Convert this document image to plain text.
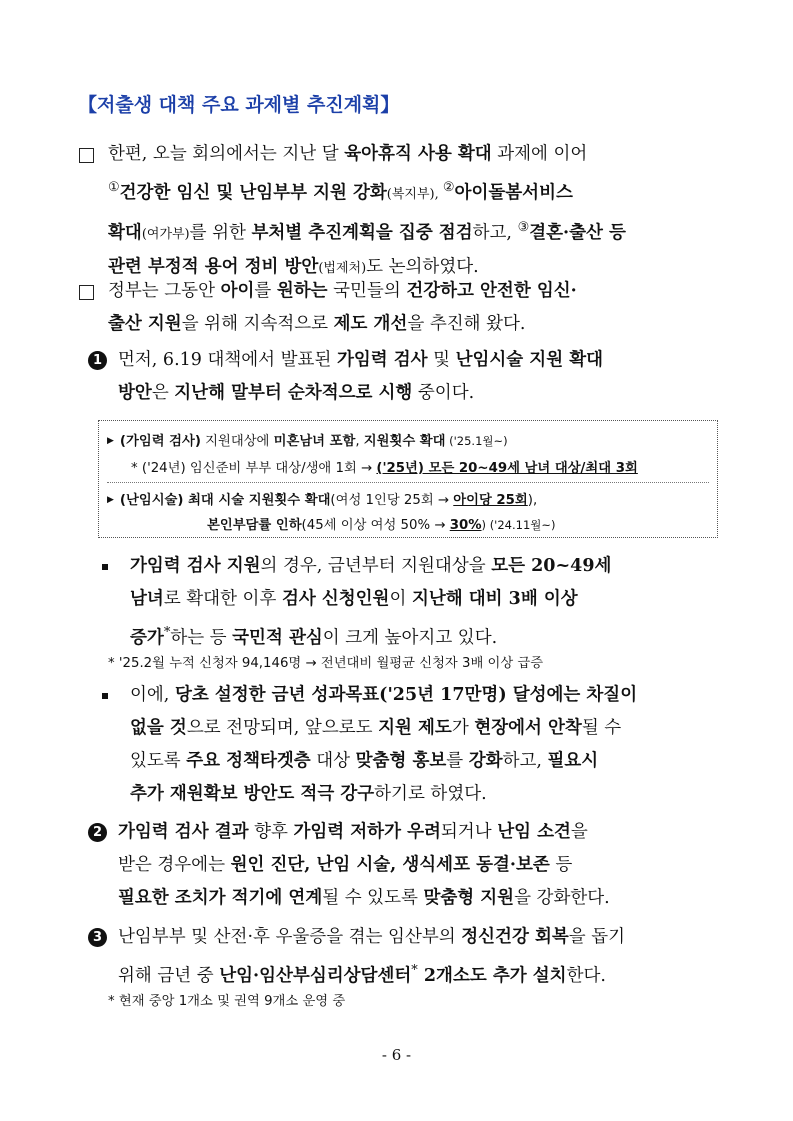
【저출생 대책 주요 과제별 추진계획】
한편, 오늘 회의에서는 지난 달 육아휴직 사용 확대 과제에 이어
①건강한 임신 및 난임부부 지원 강화(복지부), ②아이돌봄서비스
확대(여가부)를 위한 부처별 추진계획을 집중 점검하고, ③결혼·출산 등
관련 부정적 용어 정비 방안(법제처)도 논의하였다.
정부는 그동안 아이를 원하는 국민들의 건강하고 안전한 임신·
출산 지원을 위해 지속적으로 제도 개선을 추진해 왔다.
1 먼저, 6.19 대책에서 발표된 가임력 검사 및 난임시술 지원 확대
방안은 지난해 말부터 순차적으로 시행 중이다.
▶ (가임력 검사) 지원대상에 미혼남녀 포함, 지원횟수 확대 ('25.1월~)
* ('24년) 임신준비 부부 대상/생애 1회 → ('25년) 모든 20~49세 남녀 대상/최대 3회
▶ (난임시술) 최대 시술 지원횟수 확대(여성 1인당 25회 → 아이당 25회),
본인부담률 인하(45세 이상 여성 50% → 30%) ('24.11월~)
가임력 검사 지원의 경우, 금년부터 지원대상을 모든 20~49세
남녀로 확대한 이후 검사 신청인원이 지난해 대비 3배 이상
증가*하는 등 국민적 관심이 크게 높아지고 있다.
* '25.2월 누적 신청자 94,146명 → 전년대비 월평균 신청자 3배 이상 급증
이에, 당초 설정한 금년 성과목표('25년 17만명) 달성에는 차질이
없을 것으로 전망되며, 앞으로도 지원 제도가 현장에서 안착될 수
있도록 주요 정책타겟층 대상 맞춤형 홍보를 강화하고, 필요시
추가 재원확보 방안도 적극 강구하기로 하였다.
2 가임력 검사 결과 향후 가임력 저하가 우려되거나 난임 소견을
받은 경우에는 원인 진단, 난임 시술, 생식세포 동결·보존 등
필요한 조치가 적기에 연계될 수 있도록 맞춤형 지원을 강화한다.
3 난임부부 및 산전·후 우울증을 겪는 임산부의 정신건강 회복을 돕기
위해 금년 중 난임·임산부심리상담센터* 2개소도 추가 설치한다.
* 현재 중앙 1개소 및 권역 9개소 운영 중
- 6 -
